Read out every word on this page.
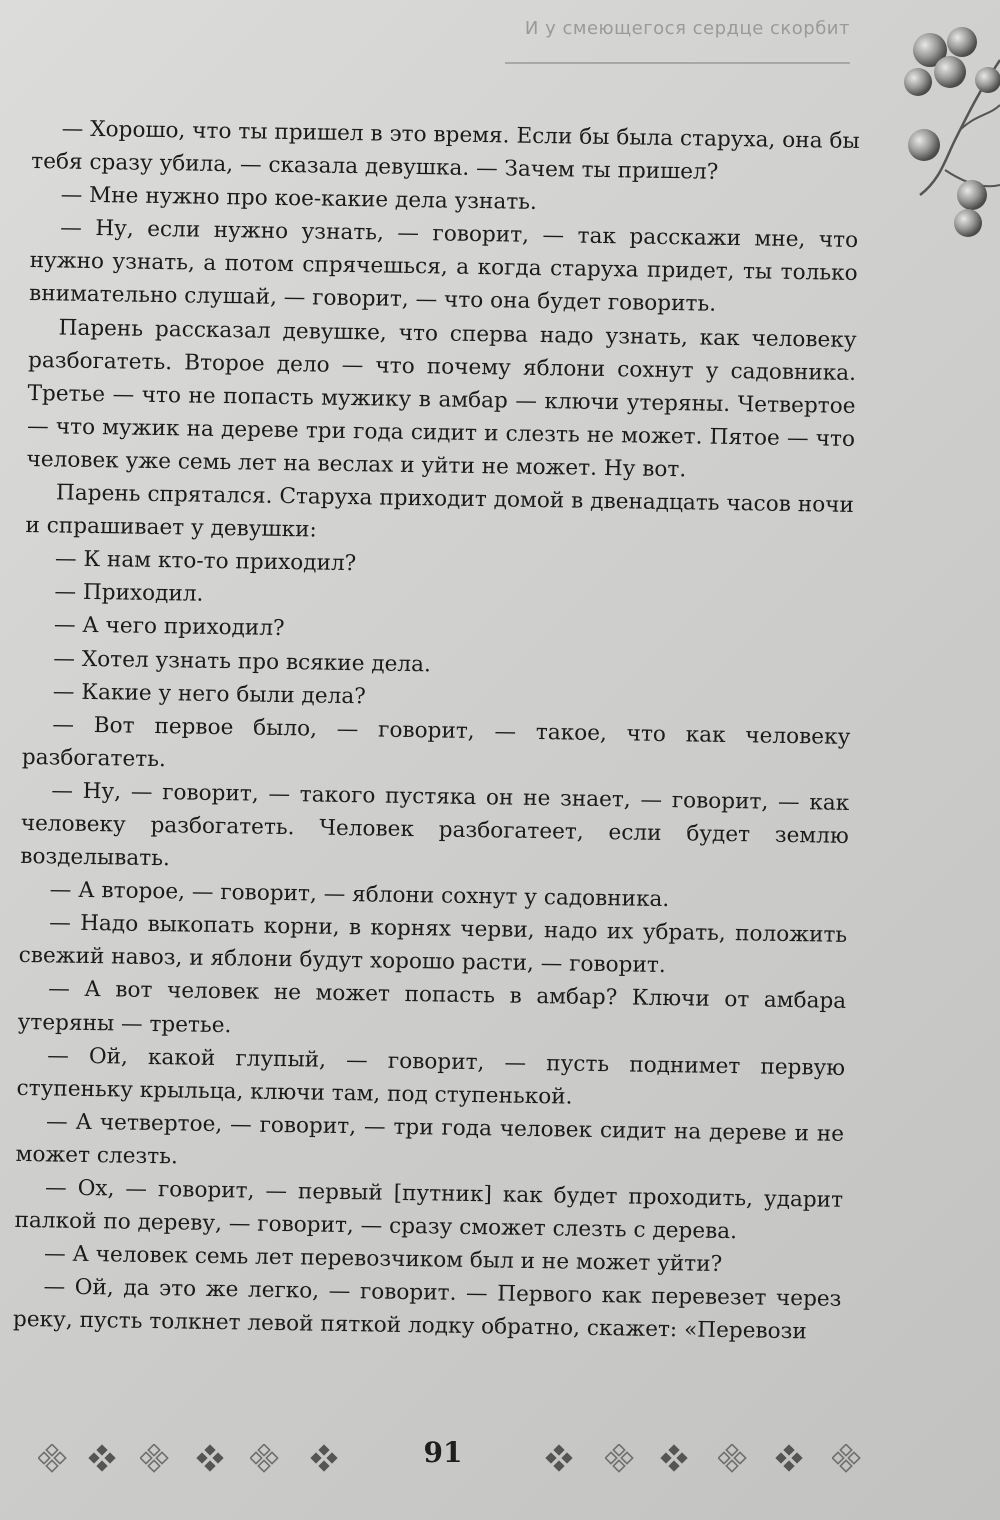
И у смеющегося сердце скорбит

— Хорошо, что ты пришел в это время. Если бы была старуха, она бы тебя сразу убила, — сказала девушка. — Зачем ты пришел?

— Мне нужно про кое-какие дела узнать.

— Ну, если нужно узнать, — говорит, — так расскажи мне, что нужно узнать, а потом спрячешься, а когда старуха придет, ты только внимательно слушай, — говорит, — что она будет говорить.

Парень рассказал девушке, что сперва надо узнать, как человеку разбогатеть. Второе дело — что почему яблони сохнут у садовника. Третье — что не попасть мужику в амбар — ключи утеряны. Четвертое — что мужик на дереве три года сидит и слезть не может. Пятое — что человек уже семь лет на веслах и уйти не может. Ну вот.

Парень спрятался. Старуха приходит домой в двенадцать часов ночи и спрашивает у девушки:

— К нам кто-то приходил?

— Приходил.

— А чего приходил?

— Хотел узнать про всякие дела.

— Какие у него были дела?

— Вот первое было, — говорит, — такое, что как человеку разбогатеть.

— Ну, — говорит, — такого пустяка он не знает, — говорит, — как человеку разбогатеть. Человек разбогатеет, если будет землю возделывать.

— А второе, — говорит, — яблони сохнут у садовника.

— Надо выкопать корни, в корнях черви, надо их убрать, положить свежий навоз, и яблони будут хорошо расти, — говорит.

— А вот человек не может попасть в амбар? Ключи от амбара утеряны — третье.

— Ой, какой глупый, — говорит, — пусть поднимет первую ступеньку крыльца, ключи там, под ступенькой.

— А четвертое, — говорит, — три года человек сидит на дереве и не может слезть.

— Ох, — говорит, — первый [путник] как будет проходить, ударит палкой по дереву, — говорит, — сразу сможет слезть с дерева.

— А человек семь лет перевозчиком был и не может уйти?

— Ой, да это же легко, — говорит. — Первого как перевезет через реку, пусть толкнет левой пяткой лодку обратно, скажет: «Перевози

91
